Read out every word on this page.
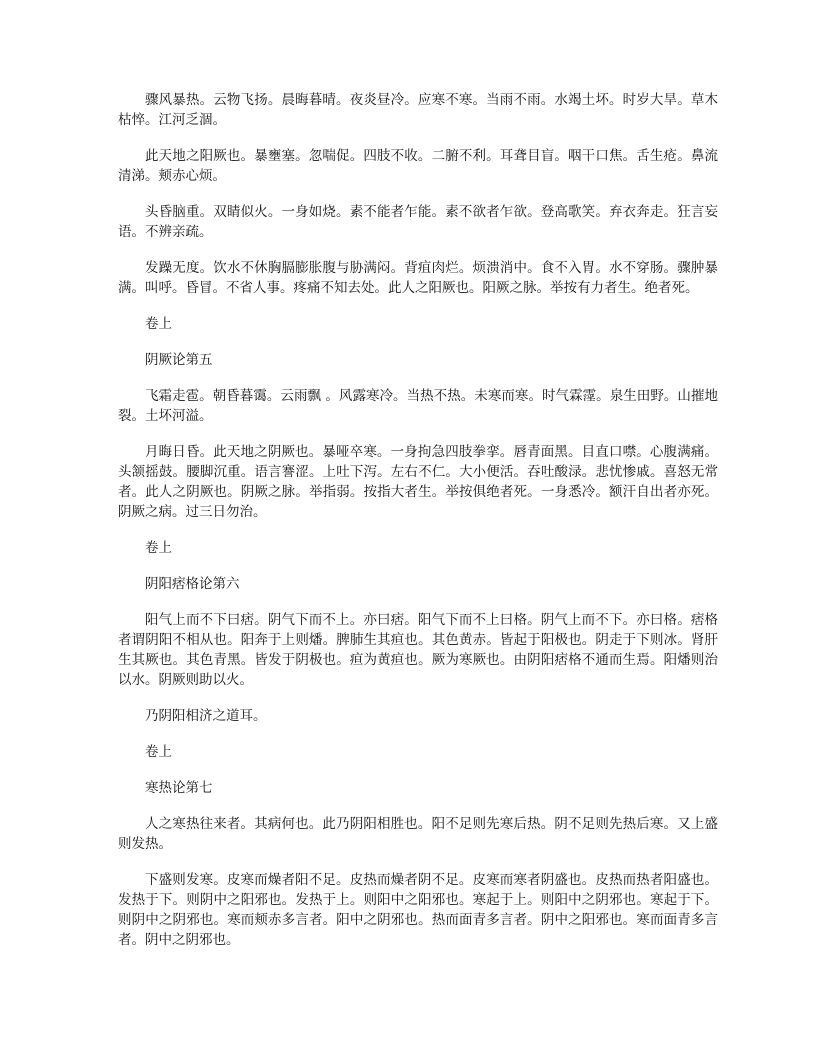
骤风暴热。云物飞扬。晨晦暮晴。夜炎昼冷。应寒不寒。当雨不雨。水竭土坏。时岁大旱。草木枯悴。江河乏涸。

此天地之阳厥也。暴壅塞。忽喘促。四肢不收。二腑不利。耳聋目盲。咽干口焦。舌生疮。鼻流清涕。颊赤心烦。

头昏脑重。双睛似火。一身如烧。素不能者乍能。素不欲者乍欲。登高歌笑。弃衣奔走。狂言妄语。不辨亲疏。

发躁无度。饮水不休胸膈膨胀腹与胁满闷。背疽肉烂。烦溃消中。食不入胃。水不穿肠。骤肿暴满。叫呼。昏冒。不省人事。疼痛不知去处。此人之阳厥也。阳厥之脉。举按有力者生。绝者死。

卷上

阴厥论第五

飞霜走雹。朝昏暮霭。云雨飘 。风露寒冷。当热不热。未寒而寒。时气霖霪。泉生田野。山摧地裂。土坏河溢。

月晦日昏。此天地之阴厥也。暴哑卒寒。一身拘急四肢拳挛。唇青面黑。目直口噤。心腹满痛。头颔摇鼓。腰脚沉重。语言謇涩。上吐下泻。左右不仁。大小便活。吞吐酸渌。悲忧惨戚。喜怒无常者。此人之阴厥也。阴厥之脉。举指弱。按指大者生。举按俱绝者死。一身悉冷。额汗自出者亦死。阴厥之病。过三日勿治。

卷上

阴阳痞格论第六

阳气上而不下曰痞。阴气下而不上。亦曰痞。阳气下而不上曰格。阴气上而不下。亦曰格。痞格者谓阴阳不相从也。阳奔于上则燔。脾肺生其疸也。其色黄赤。皆起于阳极也。阴走于下则冰。肾肝生其厥也。其色青黑。皆发于阴极也。疸为黄疸也。厥为寒厥也。由阴阳痞格不通而生焉。阳燔则治以水。阴厥则助以火。

乃阴阳相济之道耳。

卷上

寒热论第七

人之寒热往来者。其病何也。此乃阴阳相胜也。阳不足则先寒后热。阴不足则先热后寒。又上盛则发热。

下盛则发寒。皮寒而燥者阳不足。皮热而燥者阴不足。皮寒而寒者阴盛也。皮热而热者阳盛也。发热于下。则阴中之阳邪也。发热于上。则阳中之阳邪也。寒起于上。则阳中之阴邪也。寒起于下。则阴中之阴邪也。寒而颊赤多言者。阳中之阴邪也。热而面青多言者。阴中之阳邪也。寒而面青多言者。阴中之阴邪也。
